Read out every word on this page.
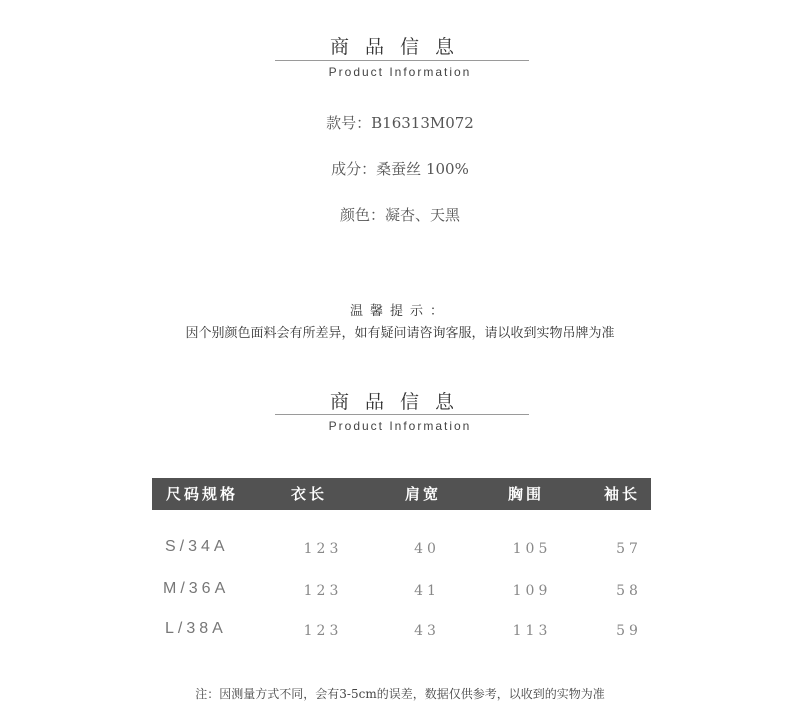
商品信息
Product Information
款号：B16313M072
成分：桑蚕丝 100%
颜色：凝杏、天黑
温馨提示：
因个别颜色面料会有所差异，如有疑问请咨询客服，请以收到实物吊牌为准
商品信息
Product Information
尺码规格	衣长	肩宽	胸围	袖长
S/34A	123	40	105	57
M/36A	123	41	109	58
L/38A	123	43	113	59
注：因测量方式不同，会有3-5cm的误差，数据仅供参考，以收到的实物为准
